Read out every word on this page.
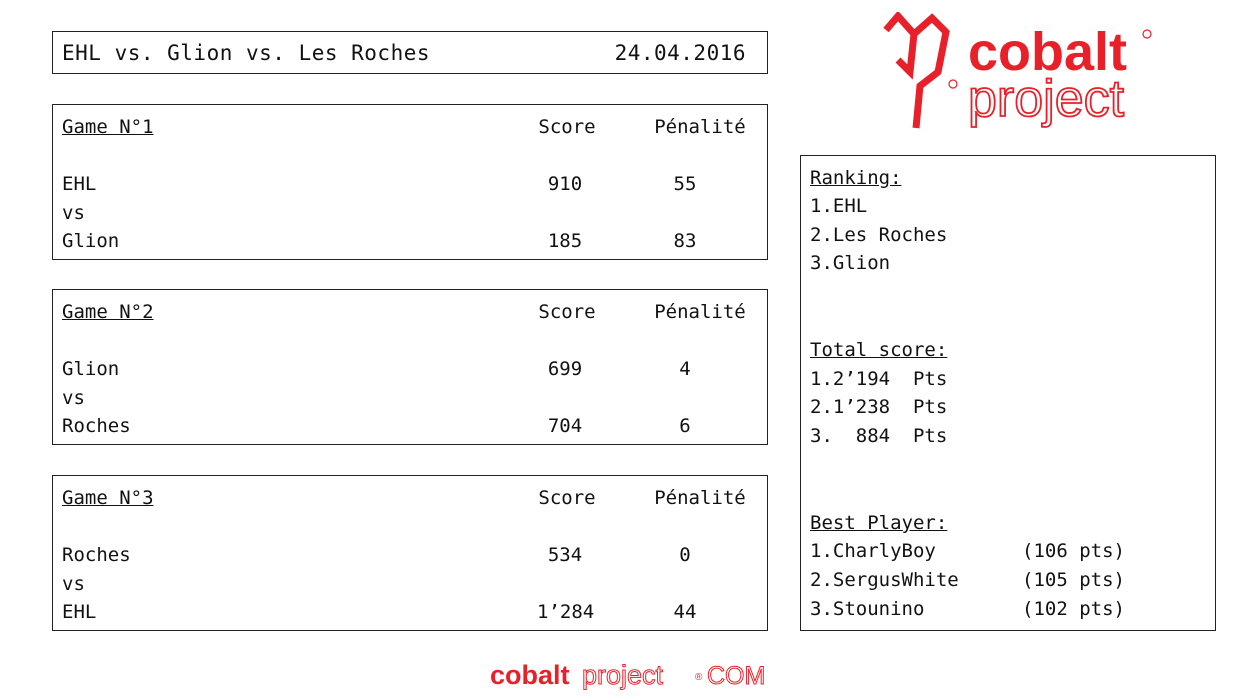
EHL vs. Glion vs. Les Roches	24.04.2016
Game N°1	Score	Pénalité
EHL	910	55
vs
Glion	185	83
Game N°2	Score	Pénalité
Glion	699	4
vs
Roches	704	6
Game N°3	Score	Pénalité
Roches	534	0
vs
EHL	1’284	44
Ranking:
1.EHL
2.Les Roches
3.Glion
Total score:
1.2’194  Pts
2.1’238  Pts
3.  884  Pts
Best Player:
1.CharlyBoy	(106 pts)
2.SergusWhite	(105 pts)
3.Stounino	(102 pts)
cobalt
project
cobalt project	® COM
